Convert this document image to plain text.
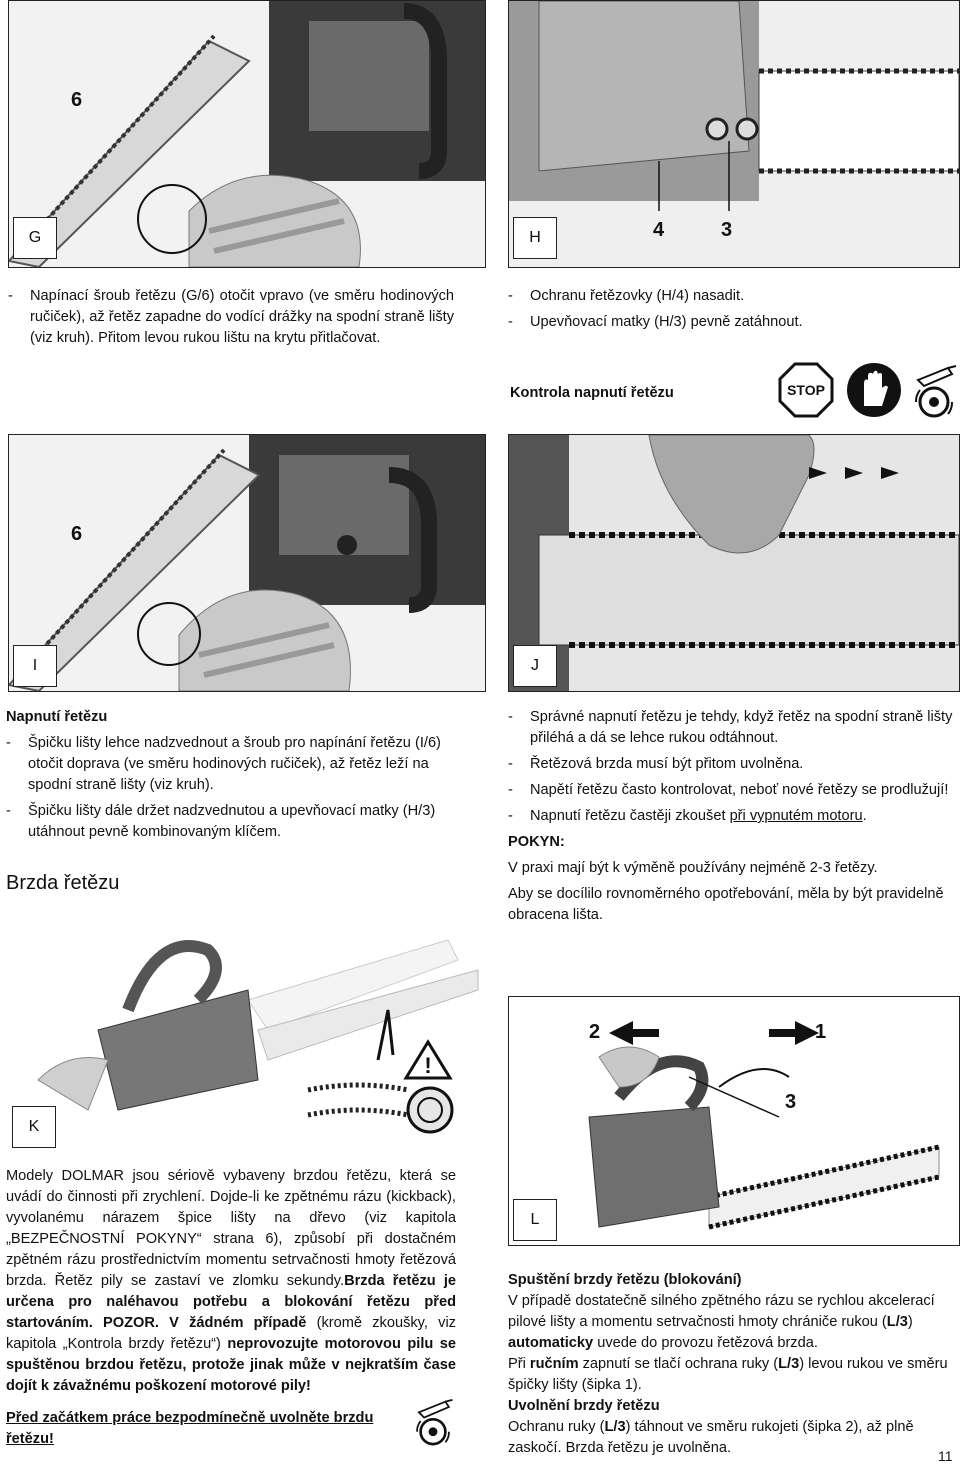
6
G	4	3
H
- Napínací šroub řetězu (G/6) otočit vpravo (ve směru hodinových ručiček), až řetěz zapadne do vodící drážky na spodní straně lišty (viz kruh). Přitom levou rukou lištu na krytu přitlačovat.
- Ochranu řetězovky (H/4) nasadit.
- Upevňovací matky (H/3) pevně zatáhnout.
Kontrola napnutí řetězu	STOP
6
I	J
Napnutí řetězu
- Špičku lišty lehce nadzvednout a šroub pro napínání řetězu (I/6) otočit doprava (ve směru hodinových ručiček), až řetěz leží na spodní straně lišty (viz kruh).
- Špičku lišty dále držet nadzvednutou a upevňovací matky (H/3) utáhnout pevně kombinovaným klíčem.
Brzda řetězu
- Správné napnutí řetězu je tehdy, když řetěz na spodní straně lišty přiléhá a dá se lehce rukou odtáhnout.
- Řetězová brzda musí být přitom uvolněna.
- Napětí řetězu často kontrolovat, neboť nové řetězy se prodlužují!
- Napnutí řetězu častěji zkoušet při vypnutém motoru.
POKYN:
V praxi mají být k výměně používány nejméně 2-3 řetězy.
Aby se docílilo rovnoměrného opotřebování, měla by být pravidelně obracena lišta.
!
K
2	1
3
L
Modely DOLMAR jsou sériově vybaveny brzdou řetězu, která se uvádí do činnosti při zrychlení. Dojde-li ke zpětnému rázu (kickback), vyvolanému nárazem špice lišty na dřevo (viz kapitola „BEZPEČNOSTNÍ POKYNY“ strana 6), způsobí při dostačném zpětném rázu prostřednictvím momentu setrvačnosti hmoty řetězová brzda. Řetěz pily se zastaví ve zlomku sekundy.Brzda řetězu je určena pro naléhavou potřebu a blokování řetězu před startováním. POZOR. V žádném případě (kromě zkoušky, viz kapitola „Kontrola brzdy řetězu“) neprovozujte motorovou pilu se spuštěnou brzdou řetězu, protože jinak může v nejkratším čase dojít k závažnému poškození motorové pily!
Před začátkem práce bezpodmínečně uvolněte brzdu řetězu!
Spuštění brzdy řetězu (blokování)
V případě dostatečně silného zpětného rázu se rychlou akcelerací pilové lišty a momentu setrvačnosti hmoty chrániče rukou (L/3) automaticky uvede do provozu řetězová brzda.
Při ručním zapnutí se tlačí ochrana ruky (L/3) levou rukou ve směru špičky lišty (šipka 1).
Uvolnění brzdy řetězu
Ochranu ruky (L/3) táhnout ve směru rukojeti (šipka 2), až plně zaskočí. Brzda řetězu je uvolněna.	11
